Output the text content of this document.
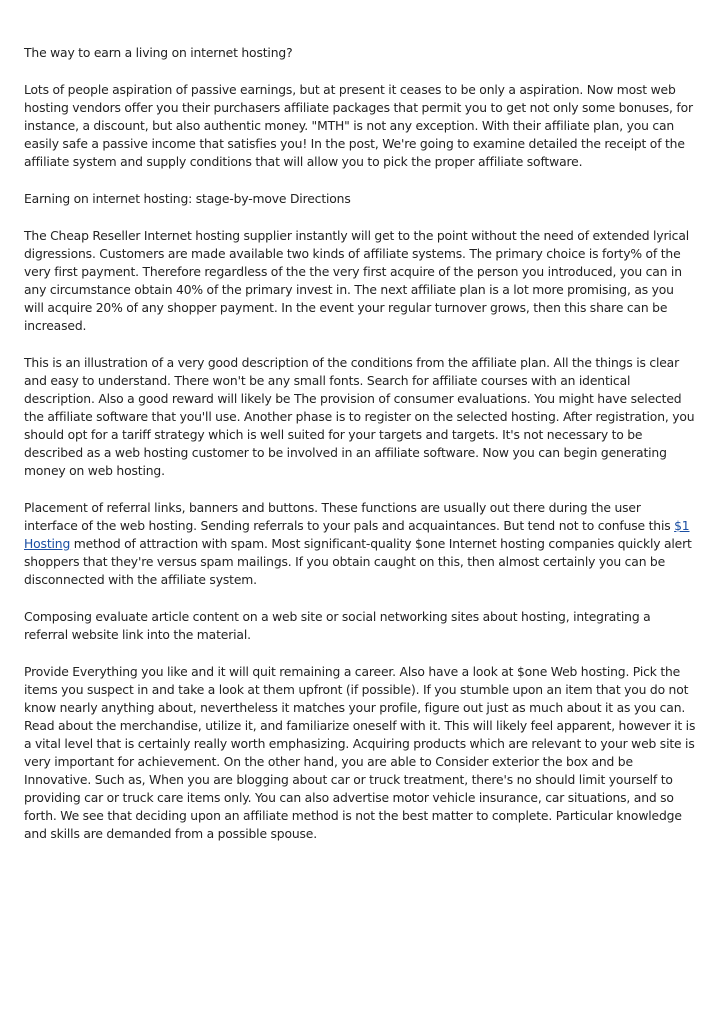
The way to earn a living on internet hosting?

Lots of people aspiration of passive earnings, but at present it ceases to be only a aspiration. Now most web hosting vendors offer you their purchasers affiliate packages that permit you to get not only some bonuses, for instance, a discount, but also authentic money. "MTH" is not any exception. With their affiliate plan, you can easily safe a passive income that satisfies you! In the post, We're going to examine detailed the receipt of the affiliate system and supply conditions that will allow you to pick the proper affiliate software.

Earning on internet hosting: stage-by-move Directions

The Cheap Reseller Internet hosting supplier instantly will get to the point without the need of extended lyrical digressions. Customers are made available two kinds of affiliate systems. The primary choice is forty% of the very first payment. Therefore regardless of the the very first acquire of the person you introduced, you can in any circumstance obtain 40% of the primary invest in. The next affiliate plan is a lot more promising, as you will acquire 20% of any shopper payment. In the event your regular turnover grows, then this share can be increased.

This is an illustration of a very good description of the conditions from the affiliate plan. All the things is clear and easy to understand. There won't be any small fonts. Search for affiliate courses with an identical description. Also a good reward will likely be The provision of consumer evaluations. You might have selected the affiliate software that you'll use. Another phase is to register on the selected hosting. After registration, you should opt for a tariff strategy which is well suited for your targets and targets. It's not necessary to be described as a web hosting customer to be involved in an affiliate software. Now you can begin generating money on web hosting.

Placement of referral links, banners and buttons. These functions are usually out there during the user interface of the web hosting. Sending referrals to your pals and acquaintances. But tend not to confuse this $1 Hosting method of attraction with spam. Most significant-quality $one Internet hosting companies quickly alert shoppers that they're versus spam mailings. If you obtain caught on this, then almost certainly you can be disconnected with the affiliate system.

Composing evaluate article content on a web site or social networking sites about hosting, integrating a referral website link into the material.

Provide Everything you like and it will quit remaining a career. Also have a look at $one Web hosting. Pick the items you suspect in and take a look at them upfront (if possible). If you stumble upon an item that you do not know nearly anything about, nevertheless it matches your profile, figure out just as much about it as you can. Read about the merchandise, utilize it, and familiarize oneself with it. This will likely feel apparent, however it is a vital level that is certainly really worth emphasizing. Acquiring products which are relevant to your web site is very important for achievement. On the other hand, you are able to Consider exterior the box and be Innovative. Such as, When you are blogging about car or truck treatment, there's no should limit yourself to providing car or truck care items only. You can also advertise motor vehicle insurance, car situations, and so forth. We see that deciding upon an affiliate method is not the best matter to complete. Particular knowledge and skills are demanded from a possible spouse.
